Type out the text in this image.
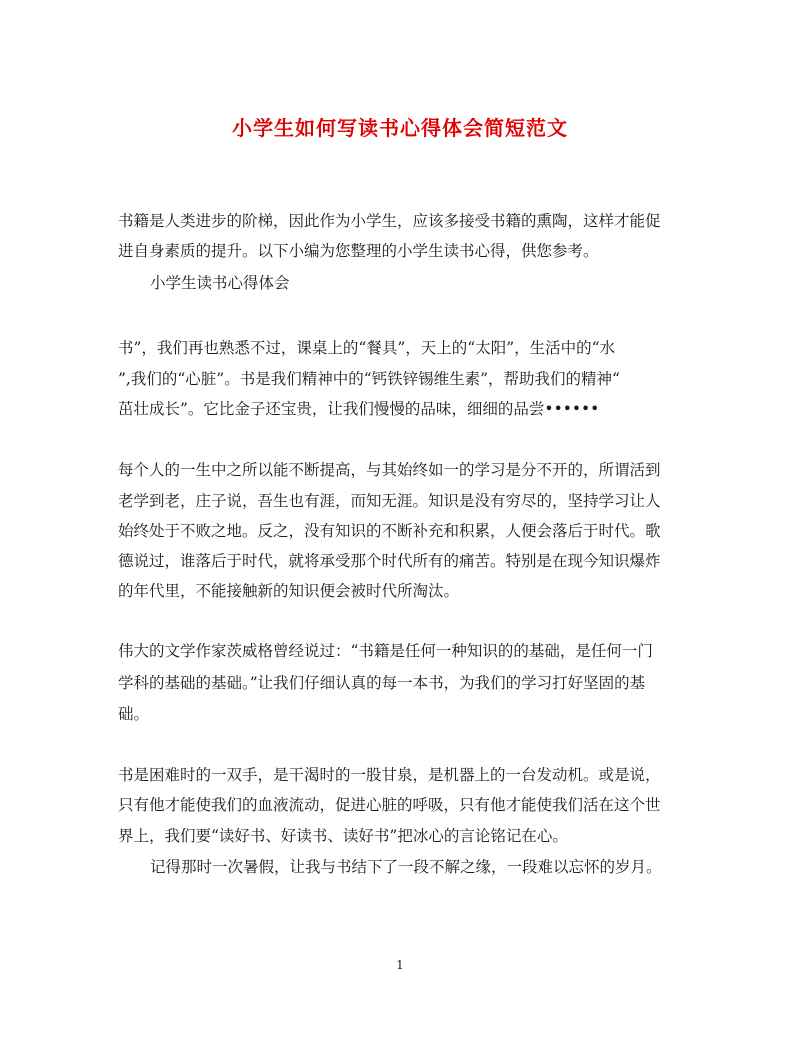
小学生如何写读书心得体会简短范文
书籍是人类进步的阶梯，因此作为小学生，应该多接受书籍的熏陶，这样才能促
进自身素质的提升。以下小编为您整理的小学生读书心得，供您参考。
小学生读书心得体会
书”，我们再也熟悉不过，课桌上的“餐具”，天上的“太阳”，生活中的“水
”,我们的“心脏”。书是我们精神中的“钙铁锌锡维生素”，帮助我们的精神“
茁壮成长”。它比金子还宝贵，让我们慢慢的品味，细细的品尝••••••
每个人的一生中之所以能不断提高，与其始终如一的学习是分不开的，所谓活到
老学到老，庄子说，吾生也有涯，而知无涯。知识是没有穷尽的，坚持学习让人
始终处于不败之地。反之，没有知识的不断补充和积累，人便会落后于时代。歌
德说过，谁落后于时代，就将承受那个时代所有的痛苦。特别是在现今知识爆炸
的年代里，不能接触新的知识便会被时代所淘汰。
伟大的文学作家茨威格曾经说过：“书籍是任何一种知识的的基础，是任何一门
学科的基础的基础。”让我们仔细认真的每一本书，为我们的学习打好坚固的基
础。
书是困难时的一双手，是干渴时的一股甘泉，是机器上的一台发动机。或是说，
只有他才能使我们的血液流动，促进心脏的呼吸，只有他才能使我们活在这个世
界上，我们要“读好书、好读书、读好书”把冰心的言论铭记在心。
记得那时一次暑假，让我与书结下了一段不解之缘，一段难以忘怀的岁月。
1
